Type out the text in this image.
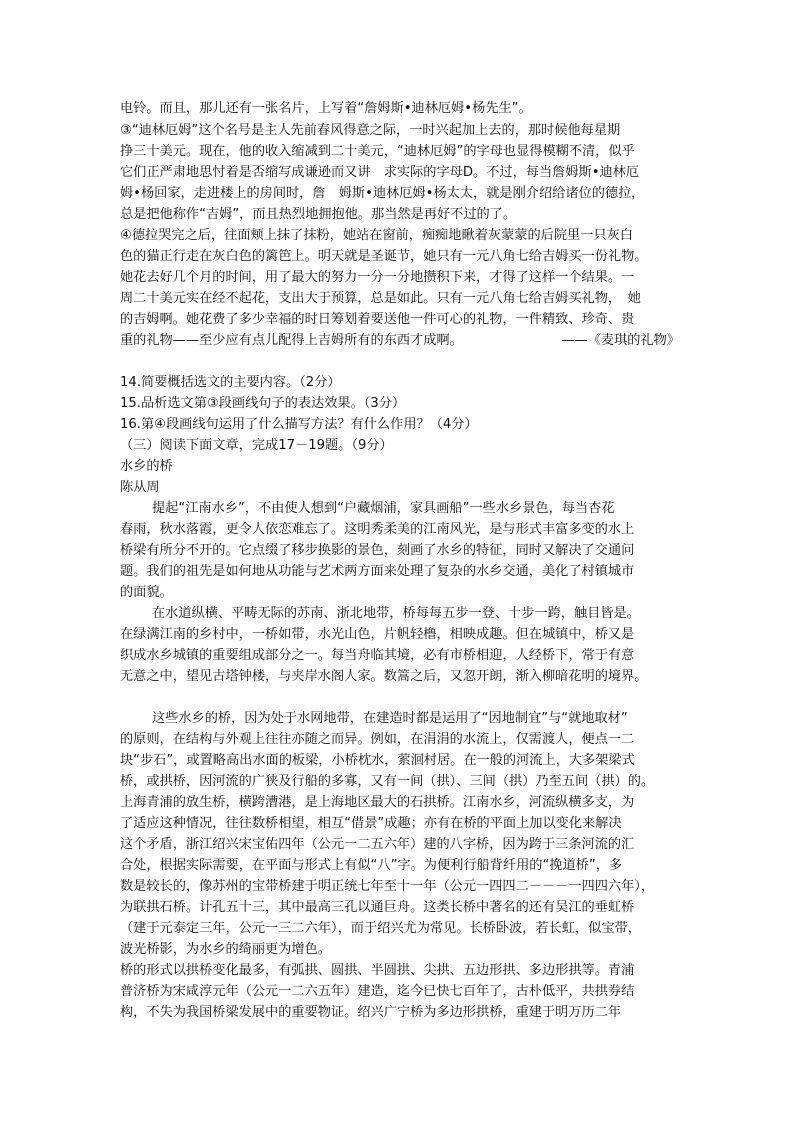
电铃。而且，那儿还有一张名片，上写着“詹姆斯•迪林厄姆•杨先生”。
③“迪林厄姆”这个名号是主人先前春风得意之际，一时兴起加上去的，那时候他每星期
挣三十美元。现在，他的收入缩减到二十美元，“迪林厄姆”的字母也显得模糊不清，似乎
它们正严肃地思忖着是否缩写成谦逊而又讲　求实际的字母D。不过，每当詹姆斯•迪林厄
姆•杨回家，走进楼上的房间时，詹　姆斯•迪林厄姆•杨太太，就是刚介绍给诸位的德拉，
总是把他称作“吉姆”，而且热烈地拥抱他。那当然是再好不过的了。
④德拉哭完之后，往面颊上抹了抹粉，她站在窗前，痴痴地瞅着灰蒙蒙的后院里一只灰白
色的猫正行走在灰白色的篱笆上。明天就是圣诞节，她只有一元八角七给吉姆买一份礼物。
她花去好几个月的时间，用了最大的努力一分一分地攒积下来，才得了这样一个结果。一
周二十美元实在经不起花，支出大于预算，总是如此。只有一元八角七给吉姆买礼物，　她
的吉姆啊。她花费了多少幸福的时日筹划着要送他一件可心的礼物，一件精致、珍奇、贵
重的礼物——至少应有点儿配得上吉姆所有的东西才成啊。	——《麦琪的礼物》
14.简要概括选文的主要内容。（2分）
15.品析选文第③段画线句子的表达效果。（3分）
16.第④段画线句运用了什么描写方法？有什么作用？（4分）
（三）阅读下面文章，完成17－19题。（9分）
水乡的桥
陈从周
提起“江南水乡”，不由使人想到“户藏烟浦，家具画船”一些水乡景色，每当杏花
春雨，秋水落霞，更令人依恋难忘了。这明秀柔美的江南风光，是与形式丰富多变的水上
桥梁有所分不开的。它点缀了移步换影的景色，刻画了水乡的特征，同时又解决了交通问
题。我们的祖先是如何地从功能与艺术两方面来处理了复杂的水乡交通，美化了村镇城市
的面貌。
在水道纵横、平畴无际的苏南、浙北地带，桥每每五步一登、十步一跨，触目皆是。
在绿满江南的乡村中，一桥如带，水光山色，片帆轻橹，相映成趣。但在城镇中，桥又是
织成水乡城镇的重要组成部分之一。每当舟临其境，必有市桥相迎，人经桥下，常于有意
无意之中，望见古塔钟楼，与夹岸水阁人家。数篙之后，又忽开朗，渐入柳暗花明的境界。
这些水乡的桥，因为处于水网地带，在建造时都是运用了“因地制宜”与“就地取材”
的原则，在结构与外观上往往亦随之而异。例如，在涓涓的水流上，仅需渡人，便点一二
块“步石”，或置略高出水面的板梁，小桥枕水，萦洄村居。在一般的河流上，大多架梁式
桥，或拱桥，因河流的广狭及行船的多寡，又有一间（拱）、三间（拱）乃至五间（拱）的。
上海青浦的放生桥，横跨漕港，是上海地区最大的石拱桥。江南水乡，河流纵横多支，为
了适应这种情况，往往数桥相望，相互“借景”成趣；亦有在桥的平面上加以变化来解决
这个矛盾，浙江绍兴宋宝佑四年（公元一二五六年）建的八字桥，因为跨于三条河流的汇
合处，根据实际需要，在平面与形式上有似“八”字。为便利行船背纤用的“挽道桥”，多
数是较长的，像苏州的宝带桥建于明正统七年至十一年（公元一四四二－－－一四四六年），
为联拱石桥。计孔五十三，其中最高三孔以通巨舟。这类长桥中著名的还有吴江的垂虹桥
（建于元泰定三年，公元一三二六年），而于绍兴尤为常见。长桥卧波，若长虹，似宝带，
波光桥影，为水乡的绮丽更为增色。
桥的形式以拱桥变化最多，有弧拱、圆拱、半圆拱、尖拱、五边形拱、多边形拱等。青浦
普济桥为宋咸淳元年（公元一二六五年）建造，迄今已快七百年了，古朴低平，共拱券结
构，不失为我国桥梁发展中的重要物证。绍兴广宁桥为多边形拱桥，重建于明万历二年
